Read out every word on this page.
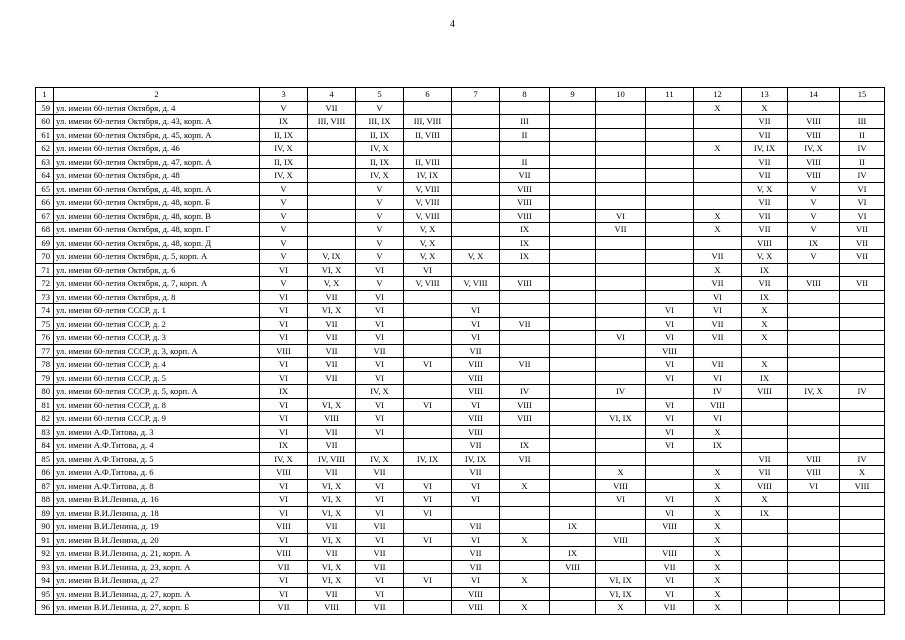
4
1	2	3	4	5	6	7	8	9	10	11	12	13	14	15
59	ул. имени 60-летия Октября, д. 4	V	VII	V							X	X		
60	ул. имени 60-летия Октября, д. 43, корп. А	IX	III, VIII	III, IX	III, VIII		III					VII	VIII	III
61	ул. имени 60-летия Октября, д. 45, корп. А	II, IX		II, IX	II, VIII		II					VII	VIII	II
62	ул. имени 60-летия Октября, д. 46	IV, X		IV, X							X	IV, IX	IV, X	IV
63	ул. имени 60-летия Октября, д. 47, корп. А	II, IX		II, IX	II, VIII		II					VII	VIII	II
64	ул. имени 60-летия Октября, д. 48	IV, X		IV, X	IV, IX		VII					VII	VIII	IV
65	ул. имени 60-летия Октября, д. 48, корп. А	V		V	V, VIII		VIII					V, X	V	VI
66	ул. имени 60-летия Октября, д. 48, корп. Б	V		V	V, VIII		VIII					VII	V	VI
67	ул. имени 60-летия Октября, д. 48, корп. В	V		V	V, VIII		VIII		VI		X	VII	V	VI
68	ул. имени 60-летия Октября, д. 48, корп. Г	V		V	V, X		IX		VII		X	VII	V	VII
69	ул. имени 60-летия Октября, д. 48, корп. Д	V		V	V, X		IX					VIII	IX	VII
70	ул. имени 60-летия Октября, д. 5, корп. А	V	V, IX	V	V, X	V, X	IX				VII	V, X	V	VII
71	ул. имени 60-летия Октября, д. 6	VI	VI, X	VI	VI						X	IX		
72	ул. имени 60-летия Октября, д. 7, корп. А	V	V, X	V	V, VIII	V, VIII	VIII				VII	VII	VIII	VII
73	ул. имени 60-летия Октября, д. 8	VI	VII	VI							VI	IX		
74	ул. имени 60-летия СССР, д. 1	VI	VI, X	VI		VI				VI	VI	X		
75	ул. имени 60-летия СССР, д. 2	VI	VII	VI		VI	VII			VI	VII	X		
76	ул. имени 60-летия СССР, д. 3	VI	VII	VI		VI			VI	VI	VII	X		
77	ул. имени 60-летия СССР, д. 3, корп. А	VIII	VII	VII		VII				VIII				
78	ул. имени 60-летия СССР, д. 4	VI	VII	VI	VI	VIII	VII			VI	VII	X		
79	ул. имени 60-летия СССР, д. 5	VI	VII	VI		VIII				VI	VI	IX		
80	ул. имени 60-летия СССР, д. 5, корп. А	IX		IV, X		VIII	IV		IV		IV	VIII	IV, X	IV
81	ул. имени 60-летия СССР, д. 8	VI	VI, X	VI	VI	VI	VIII			VI	VIII			
82	ул. имени 60-летия СССР, д. 9	VI	VIII	VI		VIII	VIII		VI, IX	VI	VI			
83	ул. имени А.Ф.Титова, д. 3	VI	VII	VI		VIII				VI	X			
84	ул. имени А.Ф.Титова, д. 4	IX	VII			VII	IX			VI	IX			
85	ул. имени А.Ф.Титова, д. 5	IV, X	IV, VIII	IV, X	IV, IX	IV, IX	VII					VII	VIII	IV
86	ул. имени А.Ф.Титова, д. 6	VIII	VII	VII		VII			X		X	VII	VIII	X
87	ул. имени А.Ф.Титова, д. 8	VI	VI, X	VI	VI	VI	X		VIII		X	VIII	VI	VIII
88	ул. имени В.И.Ленина, д. 16	VI	VI, X	VI	VI	VI			VI	VI	X	X		
89	ул. имени В.И.Ленина, д. 18	VI	VI, X	VI	VI					VI	X	IX		
90	ул. имени В.И.Ленина, д. 19	VIII	VII	VII		VII		IX		VIII	X			
91	ул. имени В.И.Ленина, д. 20	VI	VI, X	VI	VI	VI	X		VIII		X			
92	ул. имени В.И.Ленина, д. 21, корп. А	VIII	VII	VII		VII		IX		VIII	X			
93	ул. имени В.И.Ленина, д. 23, корп. А	VII	VI, X	VII		VII		VIII		VII	X			
94	ул. имени В.И.Ленина, д. 27	VI	VI, X	VI	VI	VI	X		VI, IX	VI	X			
95	ул. имени В.И.Ленина, д. 27, корп. А	VI	VII	VI		VIII			VI, IX	VI	X			
96	ул. имени В.И.Ленина, д. 27, корп. Б	VII	VIII	VII		VIII	X		X	VII	X			
